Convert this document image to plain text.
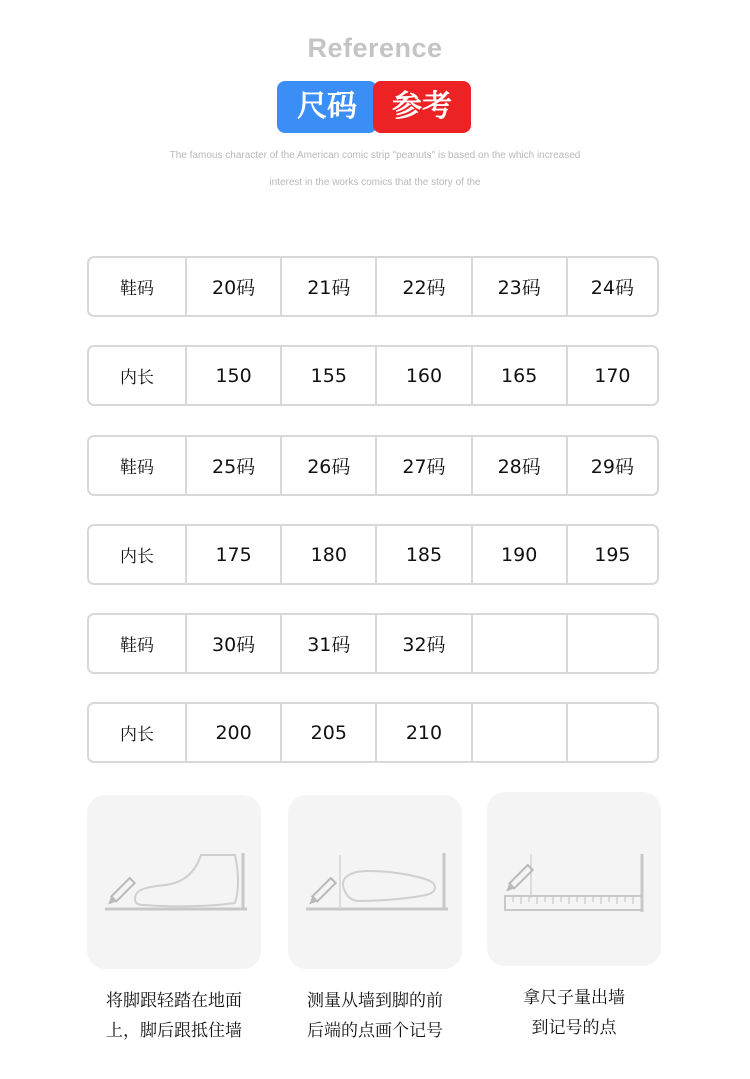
Reference
尺码	参考
The famous character of the American comic strip "peanuts" is based on the which increased
interest in the works comics that the story of the
鞋码	20码	21码	22码	23码	24码
内长	150	155	160	165	170
鞋码	25码	26码	27码	28码	29码
内长	175	180	185	190	195
鞋码	30码	31码	32码
内长	200	205	210
将脚跟轻踏在地面
上，脚后跟抵住墙
测量从墙到脚的前
后端的点画个记号
拿尺子量出墙
到记号的点
